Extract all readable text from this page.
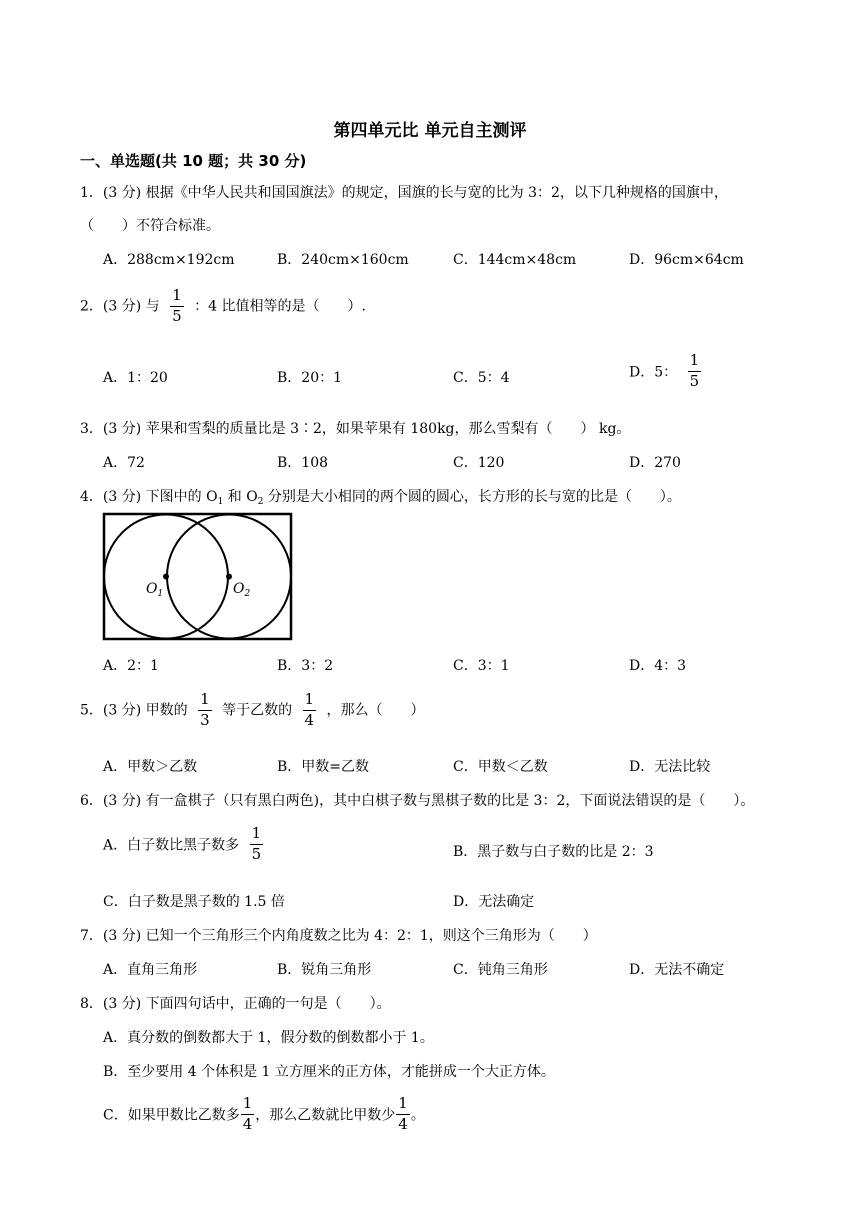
第四单元比 单元自主测评
一、单选题(共 10 题；共 30 分)
1．(3 分) 根据《中华人民共和国国旗法》的规定，国旗的长与宽的比为 3：2，以下几种规格的国旗中，
（　　）不符合标准。
A．288cm×192cm	B．240cm×160cm	C．144cm×48cm	D．96cm×64cm
2．(3 分) 与 $\frac{1}{5}$ ：4 比值相等的是（　　）.
A．1：20	B．20：1	C．5：4	D．5： $\frac{1}{5}$
3．(3 分) 苹果和雪梨的质量比是 3∶2，如果苹果有 180kg，那么雪梨有（　　） kg。
A．72	B．108	C．120	D．270
4．(3 分) 下图中的 $O_1$ 和 $O_2$ 分别是大小相同的两个圆的圆心，长方形的长与宽的比是（　　）。
$O_1$	$O_2$
A．2：1	B．3：2	C．3：1	D．4：3
5．(3 分) 甲数的 $\frac{1}{3}$ 等于乙数的 $\frac{1}{4}$ ，那么（　　）
A．甲数＞乙数	B．甲数=乙数	C．甲数＜乙数	D．无法比较
6．(3 分) 有一盒棋子（只有黑白两色)，其中白棋子数与黑棋子数的比是 3：2，下面说法错误的是（　　）。
A．白子数比黑子数多 $\frac{1}{5}$	B．黑子数与白子数的比是 2：3
C．白子数是黑子数的 1.5 倍	D．无法确定
7．(3 分) 已知一个三角形三个内角度数之比为 4：2：1，则这个三角形为（　　）
A．直角三角形	B．锐角三角形	C．钝角三角形	D．无法不确定
8．(3 分) 下面四句话中，正确的一句是（　　）。
A．真分数的倒数都大于 1，假分数的倒数都小于 1。
B．至少要用 4 个体积是 1 立方厘米的正方体，才能拼成一个大正方体。
C．如果甲数比乙数多 $\frac{1}{4}$ ，那么乙数就比甲数少 $\frac{1}{4}$ 。
